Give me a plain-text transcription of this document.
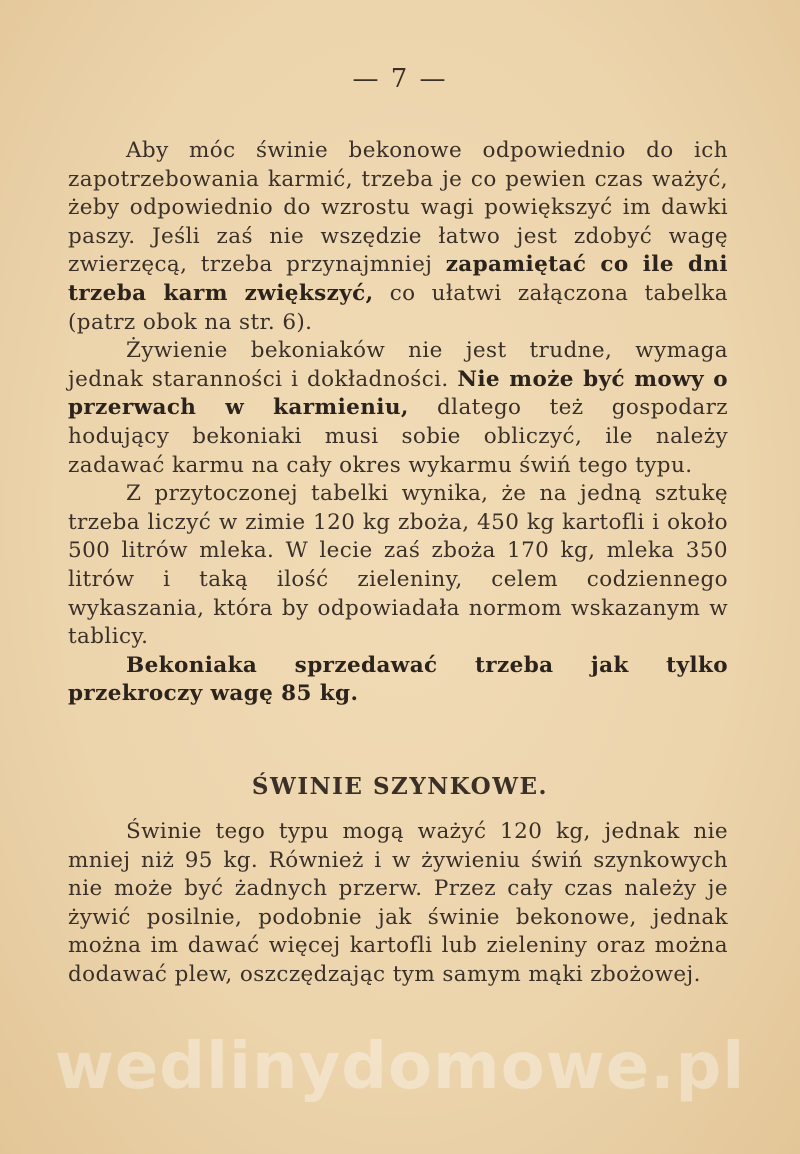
— 7 —

Aby móc świnie bekonowe odpowiednio do ich zapotrzebowania karmić, trzeba je co pewien czas ważyć, żeby odpowiednio do wzrostu wagi powiększyć im dawki paszy. Jeśli zaś nie wszędzie łatwo jest zdobyć wagę zwierzęcą, trzeba przynajmniej zapamiętać co ile dni trzeba karm zwiększyć, co ułatwi załączona tabelka (patrz obok na str. 6).

Żywienie bekoniaków nie jest trudne, wymaga jednak staranności i dokładności. Nie może być mowy o przerwach w karmieniu, dlatego też gospodarz hodujący bekoniaki musi sobie obliczyć, ile należy zadawać karmu na cały okres wykarmu świń tego typu.

Z przytoczonej tabelki wynika, że na jedną sztukę trzeba liczyć w zimie 120 kg zboża, 450 kg kartofli i około 500 litrów mleka. W lecie zaś zboża 170 kg, mleka 350 litrów i taką ilość zieleniny, celem codziennego wykaszania, która by odpowiadała normom wskazanym w tablicy.

Bekoniaka sprzedawać trzeba jak tylko przekroczy wagę 85 kg.

ŚWINIE SZYNKOWE.

Świnie tego typu mogą ważyć 120 kg, jednak nie mniej niż 95 kg. Również i w żywieniu świń szynkowych nie może być żadnych przerw. Przez cały czas należy je żywić posilnie, podobnie jak świnie bekonowe, jednak można im dawać więcej kartofli lub zieleniny oraz można dodawać plew, oszczędzając tym samym mąki zbożowej.

wedlinydomowe.pl
